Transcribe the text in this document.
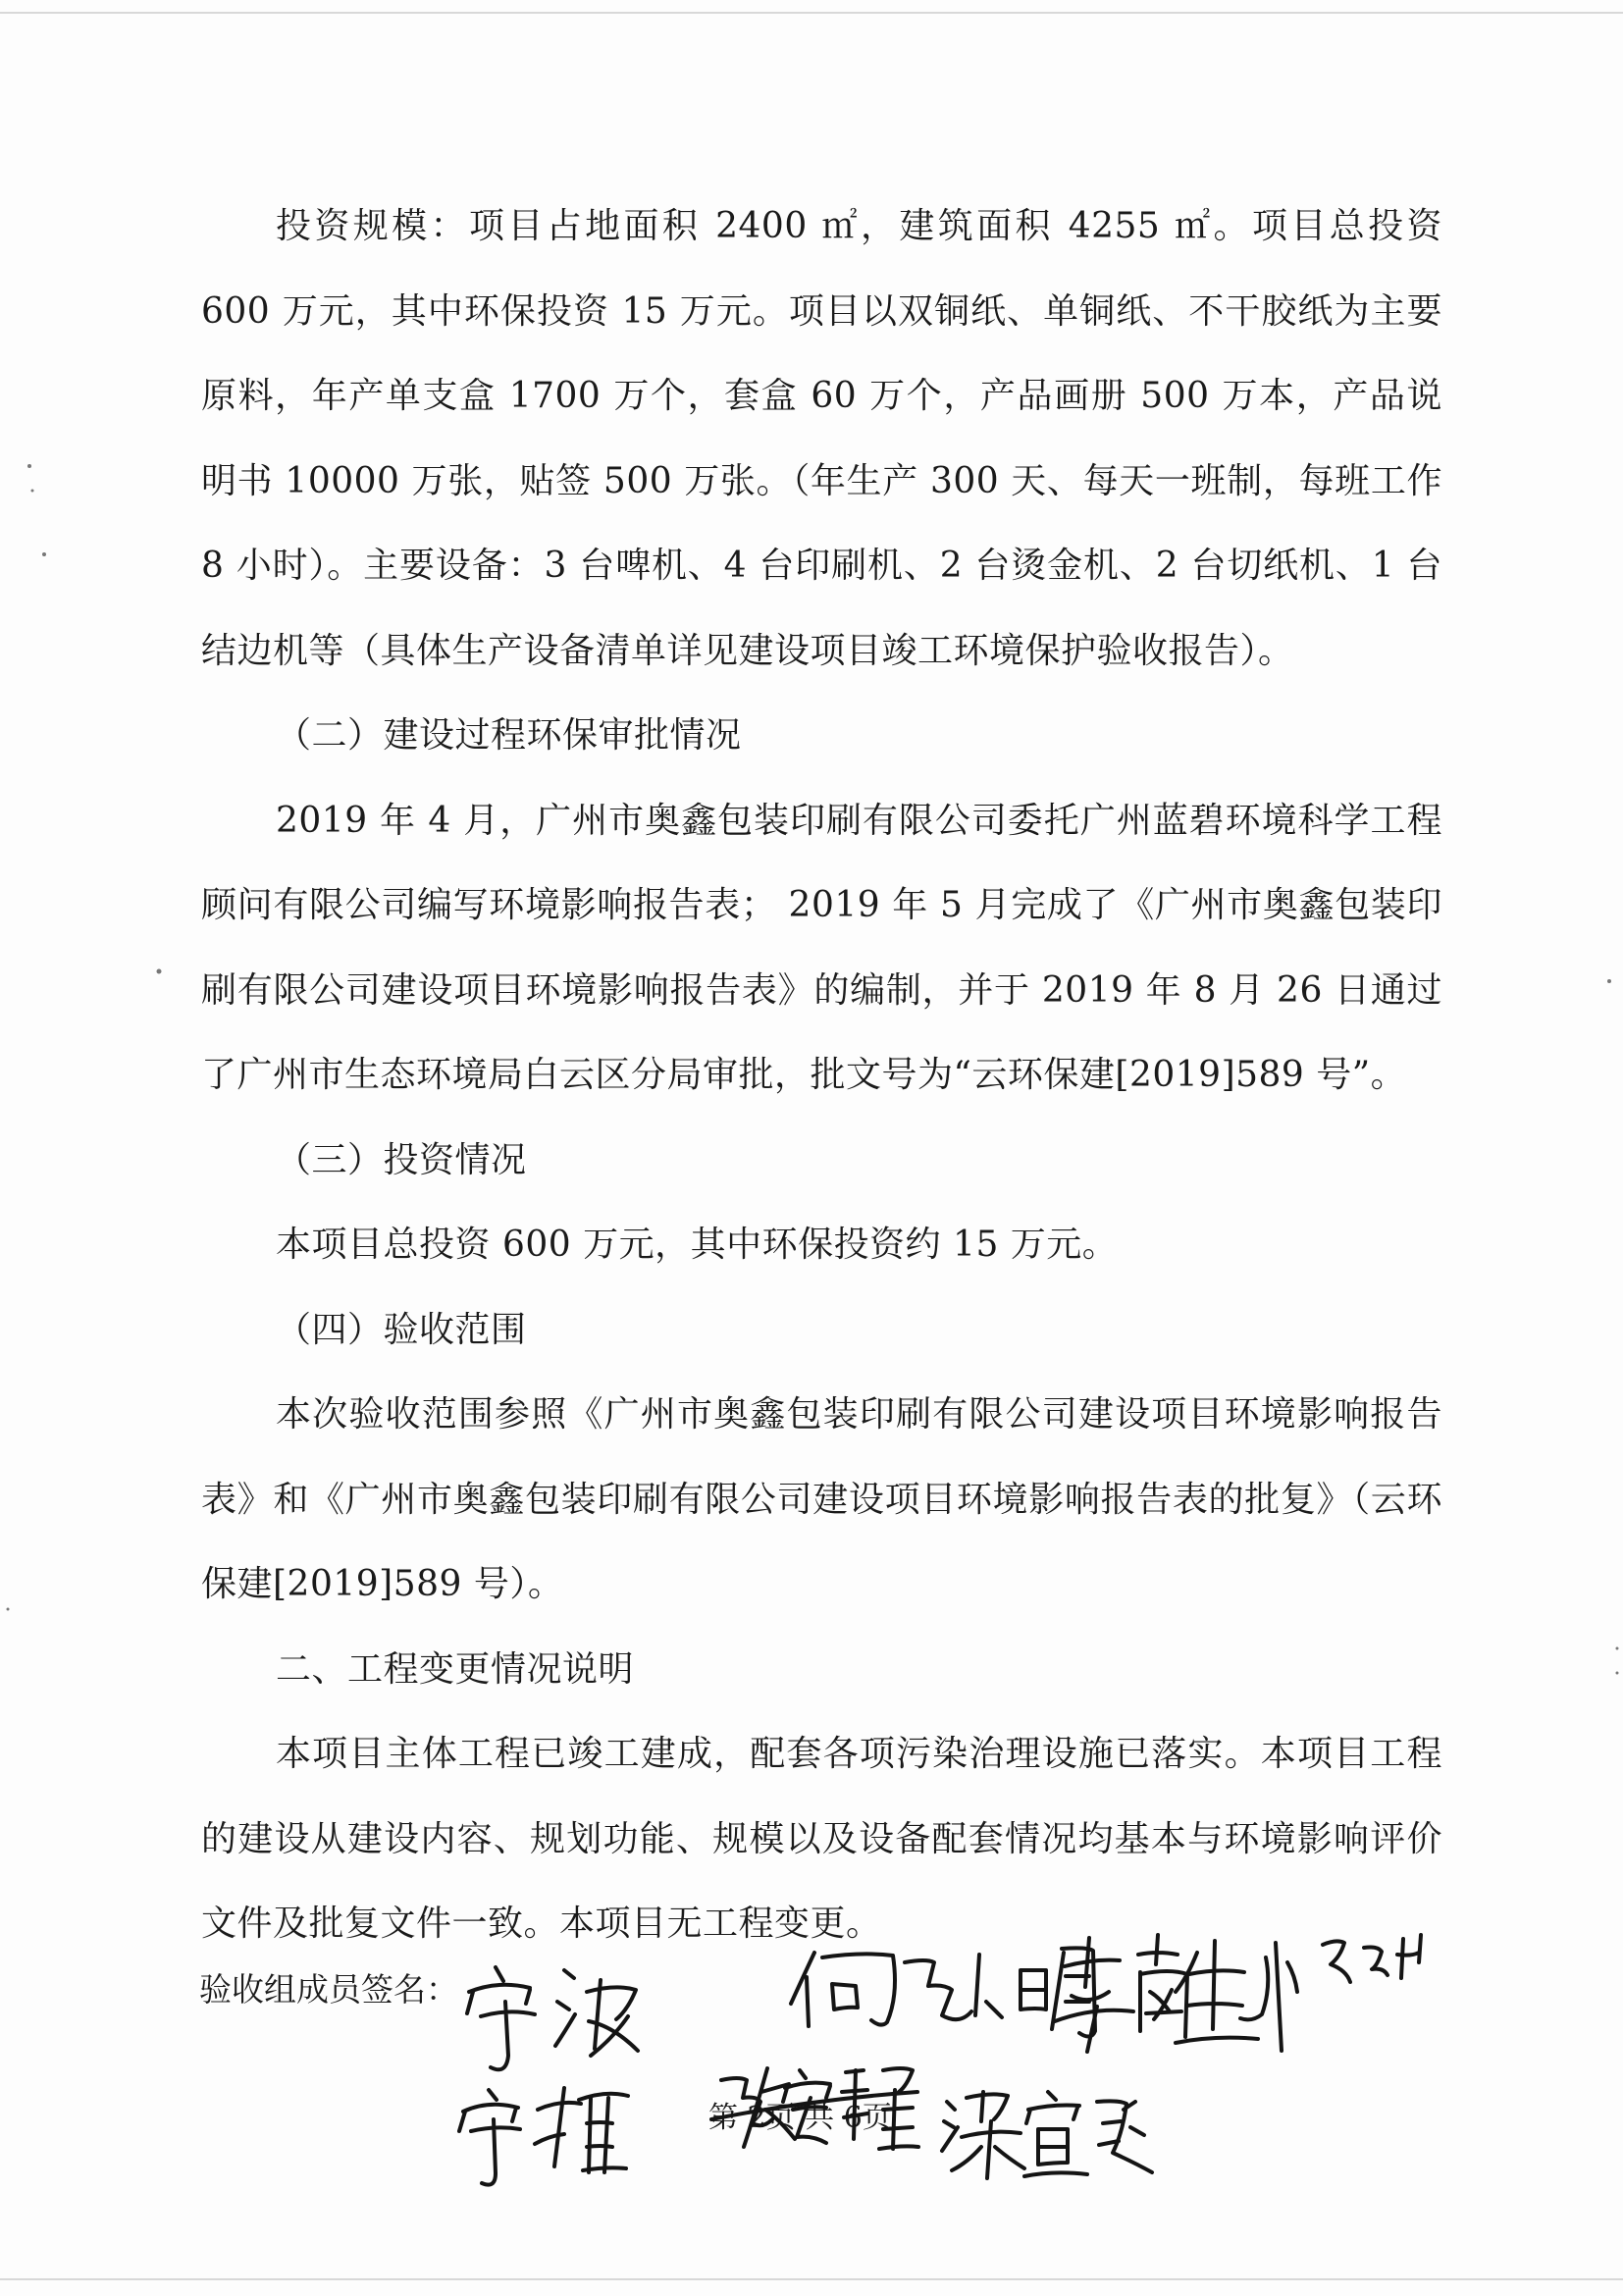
投资规模：项目占地面积 2400 ㎡，建筑面积 4255 ㎡。项目总投资 600 万元，其中环保投资 15 万元。项目以双铜纸、单铜纸、不干胶纸为主要原料，年产单支盒 1700 万个，套盒 60 万个，产品画册 500 万本，产品说明书 10000 万张，贴签 500 万张。（年生产 300 天、每天一班制，每班工作 8 小时）。主要设备：3 台啤机、4 台印刷机、2 台烫金机、2 台切纸机、1 台结边机等（具体生产设备清单详见建设项目竣工环境保护验收报告）。

（二）建设过程环保审批情况

2019 年 4 月，广州市奥鑫包装印刷有限公司委托广州蓝碧环境科学工程顾问有限公司编写环境影响报告表； 2019 年 5 月完成了《广州市奥鑫包装印刷有限公司建设项目环境影响报告表》的编制，并于 2019 年 8 月 26 日通过了广州市生态环境局白云区分局审批，批文号为“云环保建[2019]589 号”。

（三）投资情况

本项目总投资 600 万元，其中环保投资约 15 万元。

（四）验收范围

本次验收范围参照《广州市奥鑫包装印刷有限公司建设项目环境影响报告表》和《广州市奥鑫包装印刷有限公司建设项目环境影响报告表的批复》（云环保建[2019]589 号）。

二、工程变更情况说明

本项目主体工程已竣工建成，配套各项污染治理设施已落实。本项目工程的建设从建设内容、规划功能、规模以及设备配套情况均基本与环境影响评价文件及批复文件一致。本项目无工程变更。

验收组成员签名：
第 2页 共 6页
